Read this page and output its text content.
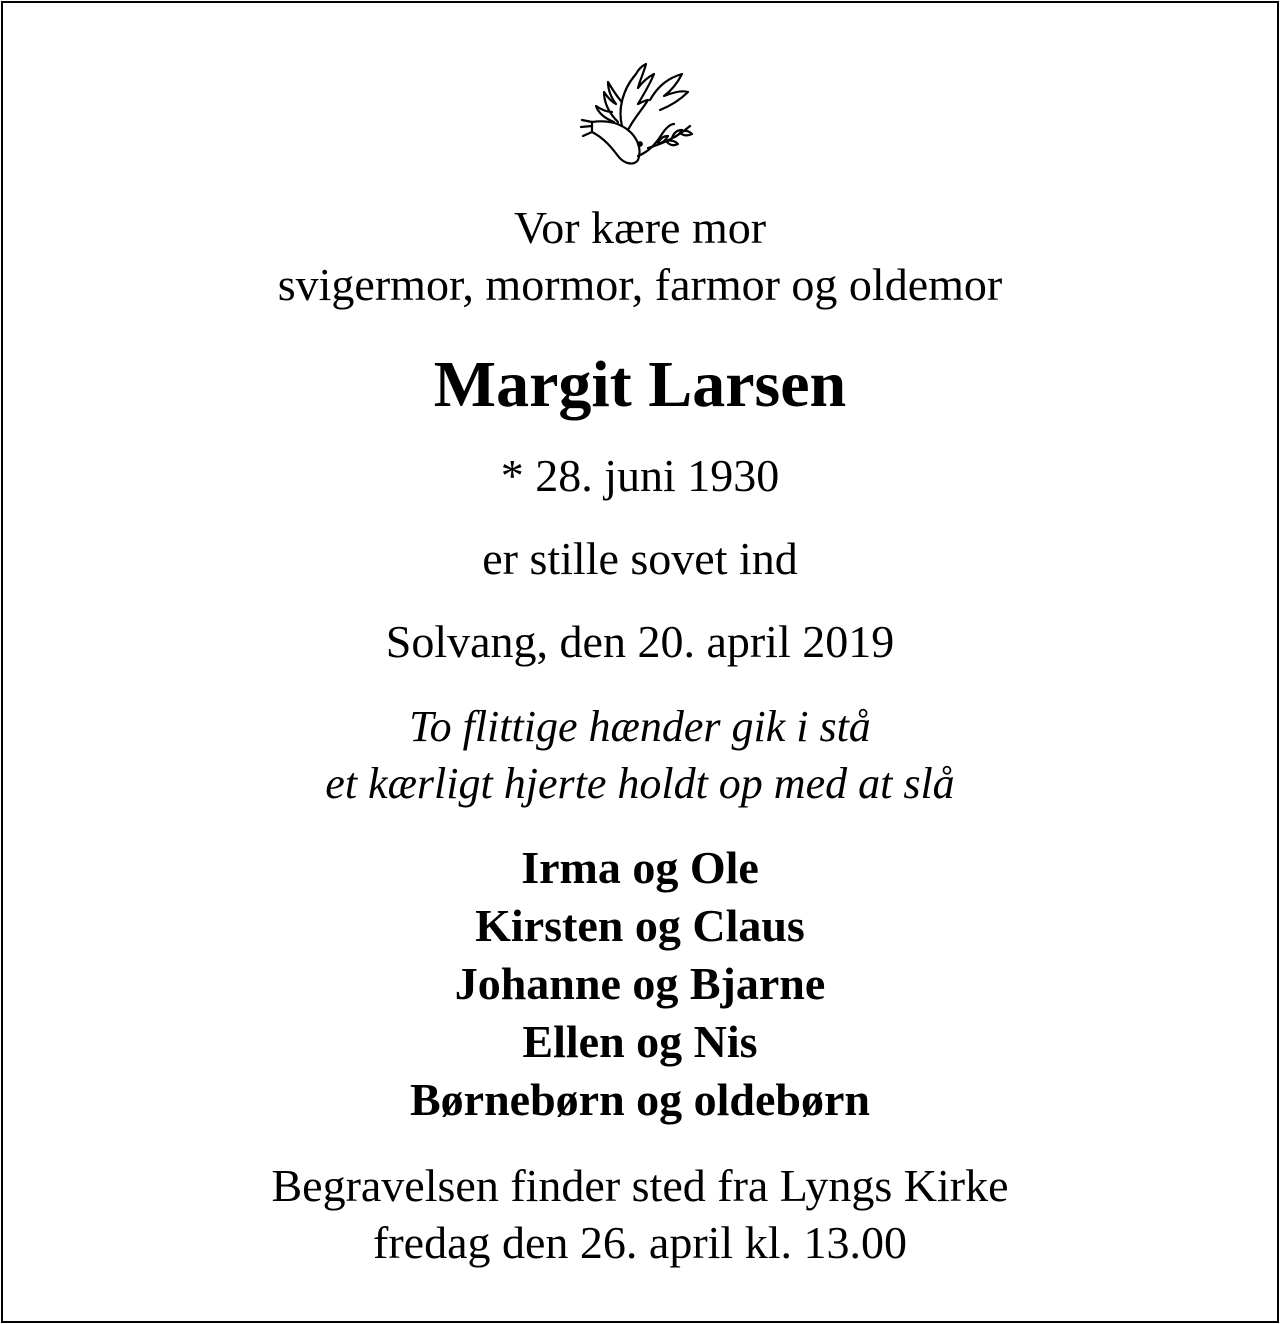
Vor kære mor
svigermor, mormor, farmor og oldemor
Margit Larsen
* 28. juni 1930
er stille sovet ind
Solvang, den 20. april 2019
To flittige hænder gik i stå
et kærligt hjerte holdt op med at slå
Irma og Ole
Kirsten og Claus
Johanne og Bjarne
Ellen og Nis
Børnebørn og oldebørn
Begravelsen finder sted fra Lyngs Kirke
fredag den 26. april kl. 13.00
